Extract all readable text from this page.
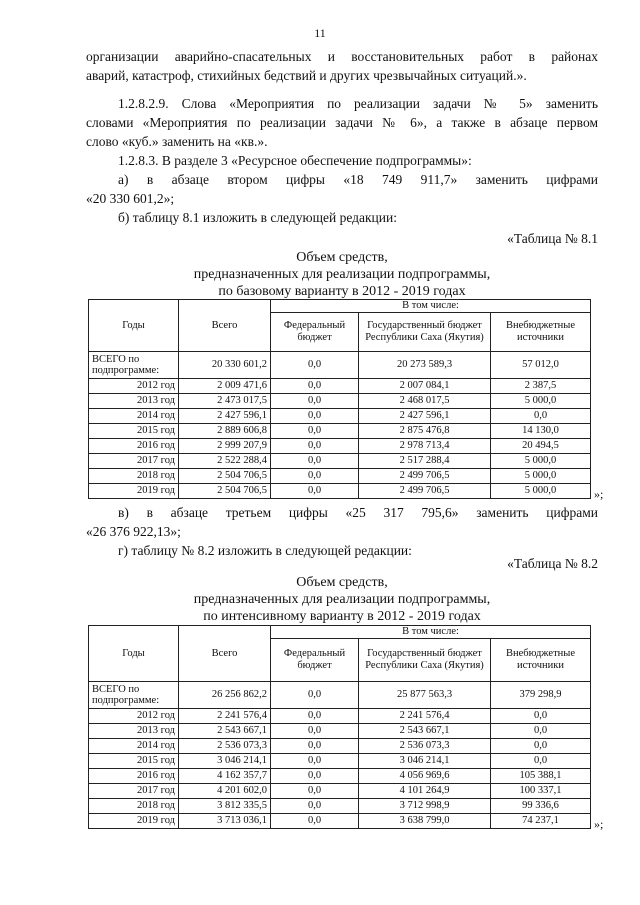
11

организации аварийно-спасательных и восстановительных работ в районах

аварий, катастроф, стихийных бедствий и других чрезвычайных ситуаций.».

1.2.8.2.9. Слова «Мероприятия по реализации задачи № 5» заменить

словами «Мероприятия по реализации задачи № 6», а также в абзаце первом

слово «куб.» заменить на «кв.».

1.2.8.3. В разделе 3 «Ресурсное обеспечение подпрограммы»:

а) в абзаце втором цифры «18 749 911,7» заменить цифрами

«20 330 601,2»;

б) таблицу 8.1 изложить в следующей редакции:

«Таблица № 8.1

Объем средств,
предназначенных для реализации подпрограммы,
по базовому варианту в 2012 - 2019 годах
Годы	Всего	В том числе:		
		Федеральный бюджет	Государственный бюджет Республики Саха (Якутия)	Внебюджетные источники
ВСЕГО по подпрограмме:	20 330 601,2	0,0	20 273 589,3	57 012,0
2012 год	2 009 471,6	0,0	2 007 084,1	2 387,5
2013 год	2 473 017,5	0,0	2 468 017,5	5 000,0
2014 год	2 427 596,1	0,0	2 427 596,1	0,0
2015 год	2 889 606,8	0,0	2 875 476,8	14 130,0
2016 год	2 999 207,9	0,0	2 978 713,4	20 494,5
2017 год	2 522 288,4	0,0	2 517 288,4	5 000,0
2018 год	2 504 706,5	0,0	2 499 706,5	5 000,0
2019 год	2 504 706,5	0,0	2 499 706,5	5 000,0	»;

в) в абзаце третьем цифры «25 317 795,6» заменить цифрами

«26 376 922,13»;

г) таблицу № 8.2 изложить в следующей редакции:

«Таблица № 8.2

Объем средств,
предназначенных для реализации подпрограммы,
по интенсивному варианту в 2012 - 2019 годах
Годы	Всего	В том числе:		
		Федеральный бюджет	Государственный бюджет Республики Саха (Якутия)	Внебюджетные источники
ВСЕГО по подпрограмме:	26 256 862,2	0,0	25 877 563,3	379 298,9
2012 год	2 241 576,4	0,0	2 241 576,4	0,0
2013 год	2 543 667,1	0,0	2 543 667,1	0,0
2014 год	2 536 073,3	0,0	2 536 073,3	0,0
2015 год	3 046 214,1	0,0	3 046 214,1	0,0
2016 год	4 162 357,7	0,0	4 056 969,6	105 388,1
2017 год	4 201 602,0	0,0	4 101 264,9	100 337,1
2018 год	3 812 335,5	0,0	3 712 998,9	99 336,6
2019 год	3 713 036,1	0,0	3 638 799,0	74 237,1	»;
